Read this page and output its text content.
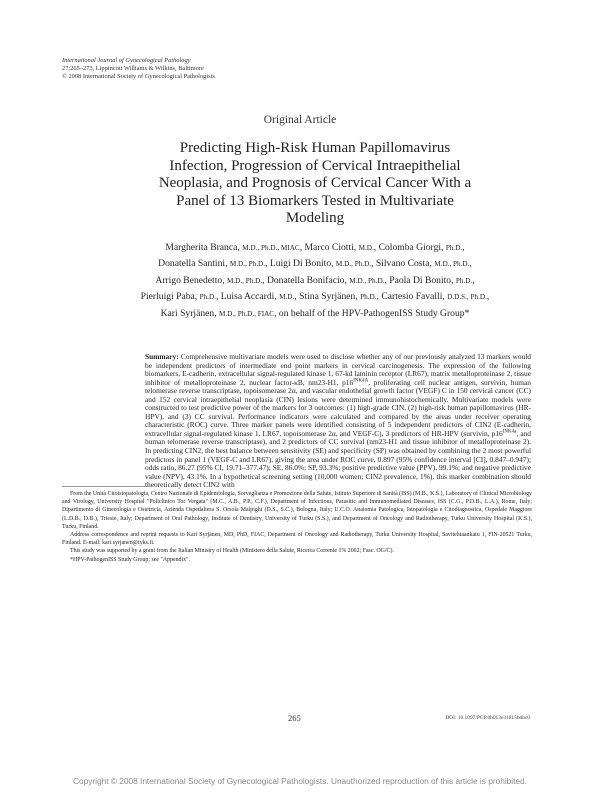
International Journal of Gynecological Pathology
27:265–273, Lippincott Williams & Wilkins, Baltimore
© 2008 International Society of Gynecological Pathologists
Original Article
Predicting High-Risk Human Papillomavirus Infection, Progression of Cervical Intraepithelial Neoplasia, and Prognosis of Cervical Cancer With a Panel of 13 Biomarkers Tested in Multivariate Modeling
Margherita Branca, M.D., Ph.D., MIAC, Marco Ciotti, M.D., Colomba Giorgi, Ph.D.,
Donatella Santini, M.D., Ph.D., Luigi Di Bonito, M.D., Ph.D., Silvano Costa, M.D., Ph.D.,
Arrigo Benedetto, M.D., Ph.D., Donatella Bonifacio, M.D., Ph.D., Paola Di Bonito, Ph.D.,
Pierluigi Paba, Ph.D., Luisa Accardi, M.D., Stina Syrjänen, Ph.D., Cartesio Favalli, D.D.S., Ph.D.,
Kari Syrjänen, M.D., Ph.D., FIAC, on behalf of the HPV-PathogenISS Study Group*
Summary: Comprehensive multivariate models were used to disclose whether any of our previously analyzed 13 markers would be independent predictors of intermediate end point markers in cervical carcinogenesis. The expression of the following biomarkers, E-cadherin, extracellular signal-regulated kinase 1, 67-kd laminin receptor (LR67), matrix metalloproteinase 2, tissue inhibitor of metalloproteinase 2, nuclear factor-κB, nm23-H1, $p16^{INK4A}$, proliferating cell nuclear antigen, survivin, human telomerase reverse transcriptase, topoisomerase 2α, and vascular endothelial growth factor (VEGF) C in 150 cervical cancer (CC) and 152 cervical intraepithelial neoplasia (CIN) lesions were determined immunohistochemically. Multivariate models were constructed to test predictive power of the markers for 3 outcomes: (1) high-grade CIN, (2) high-risk human papillomavirus (HR-HPV), and (3) CC survival. Performance indicators were calculated and compared by the areas under receiver operating characteristic (ROC) curve. Three marker panels were identified consisting of 5 independent predictors of CIN2 (E-cadherin, extracellular signal-regulated kinase 1, LR67, topoisomerase 2α, and VEGF-C), 3 predictors of HR-HPV (survivin, $p16^{INK4a}$, and human telomerase reverse transcriptase), and 2 predictors of CC survival (nm23-H1 and tissue inhibitor of metalloproteinase 2). In predicting CIN2, the best balance between sensitivity (SE) and specificity (SP) was obtained by combining the 2 most powerful predictors in panel 1 (VEGF-C and LR67), giving the area under ROC curve, 0.897 (95% confidence interval [CI], 0.847–0.947); odds ratio, 86.27 (95% CI, 19.71–377.47); SE, 86.0%; SP, 93.3%; positive predictive value (PPV), 99.1%; and negative predictive value (NPV), 43.1%. In a hypothetical screening setting (10,000 women; CIN2 prevalence, 1%), this marker combination should theoretically detect CIN2 with

From the Unità Citoistopatologia, Centro Nazionale di Epidemiologia, Sorveglianza e Promozione della Salute, Istituto Superiore di Sanità (ISS) (M.B., K.S.), Laboratory of Clinical Microbiology and Virology, University Hospital "Policlinico Tor Vergata" (M.C., A.B., P.P., C.F.), Department of Infectious, Parasitic and Immunomediated Diseases, ISS (C.G., P.D.B., L.A.), Rome, Italy; Dipartimento di Ginecologia e Ostetricia, Azienda Ospedaliera S. Orsola Malpighi (D.S., S.C.), Bologna, Italy; U.C.O. Anatomia Patologica, Istopatologia e Citodiagnostica, Ospedale Maggiore (L.D.B., D.B.), Trieste, Italy; Department of Oral Pathology, Institute of Dentistry, University of Turku (S.S.), and Department of Oncology and Radiotherapy, Turku University Hospital (K.S.), Turku, Finland.

Address correspondence and reprint requests to Kari Syrjänen, MD, PhD, FIAC, Department of Oncology and Radiotherapy, Turku University Hospital, Savitehtaankatu 1, FIN-20521 Turku, Finland. E-mail: kari.syrjanen@tyks.fi.

This study was supported by a grant from the Italian Ministry of Health (Ministero della Salute, Ricerca Corrente 1% 2002; Fasc. OG/C).

*HPV-PathogenISS Study Group; see "Appendix".

265	DOI: 10.1097/PGP.0b013e31815bdbc0
Copyright © 2008 International Society of Gynecological Pathologists. Unauthorized reproduction of this article is prohibited.
